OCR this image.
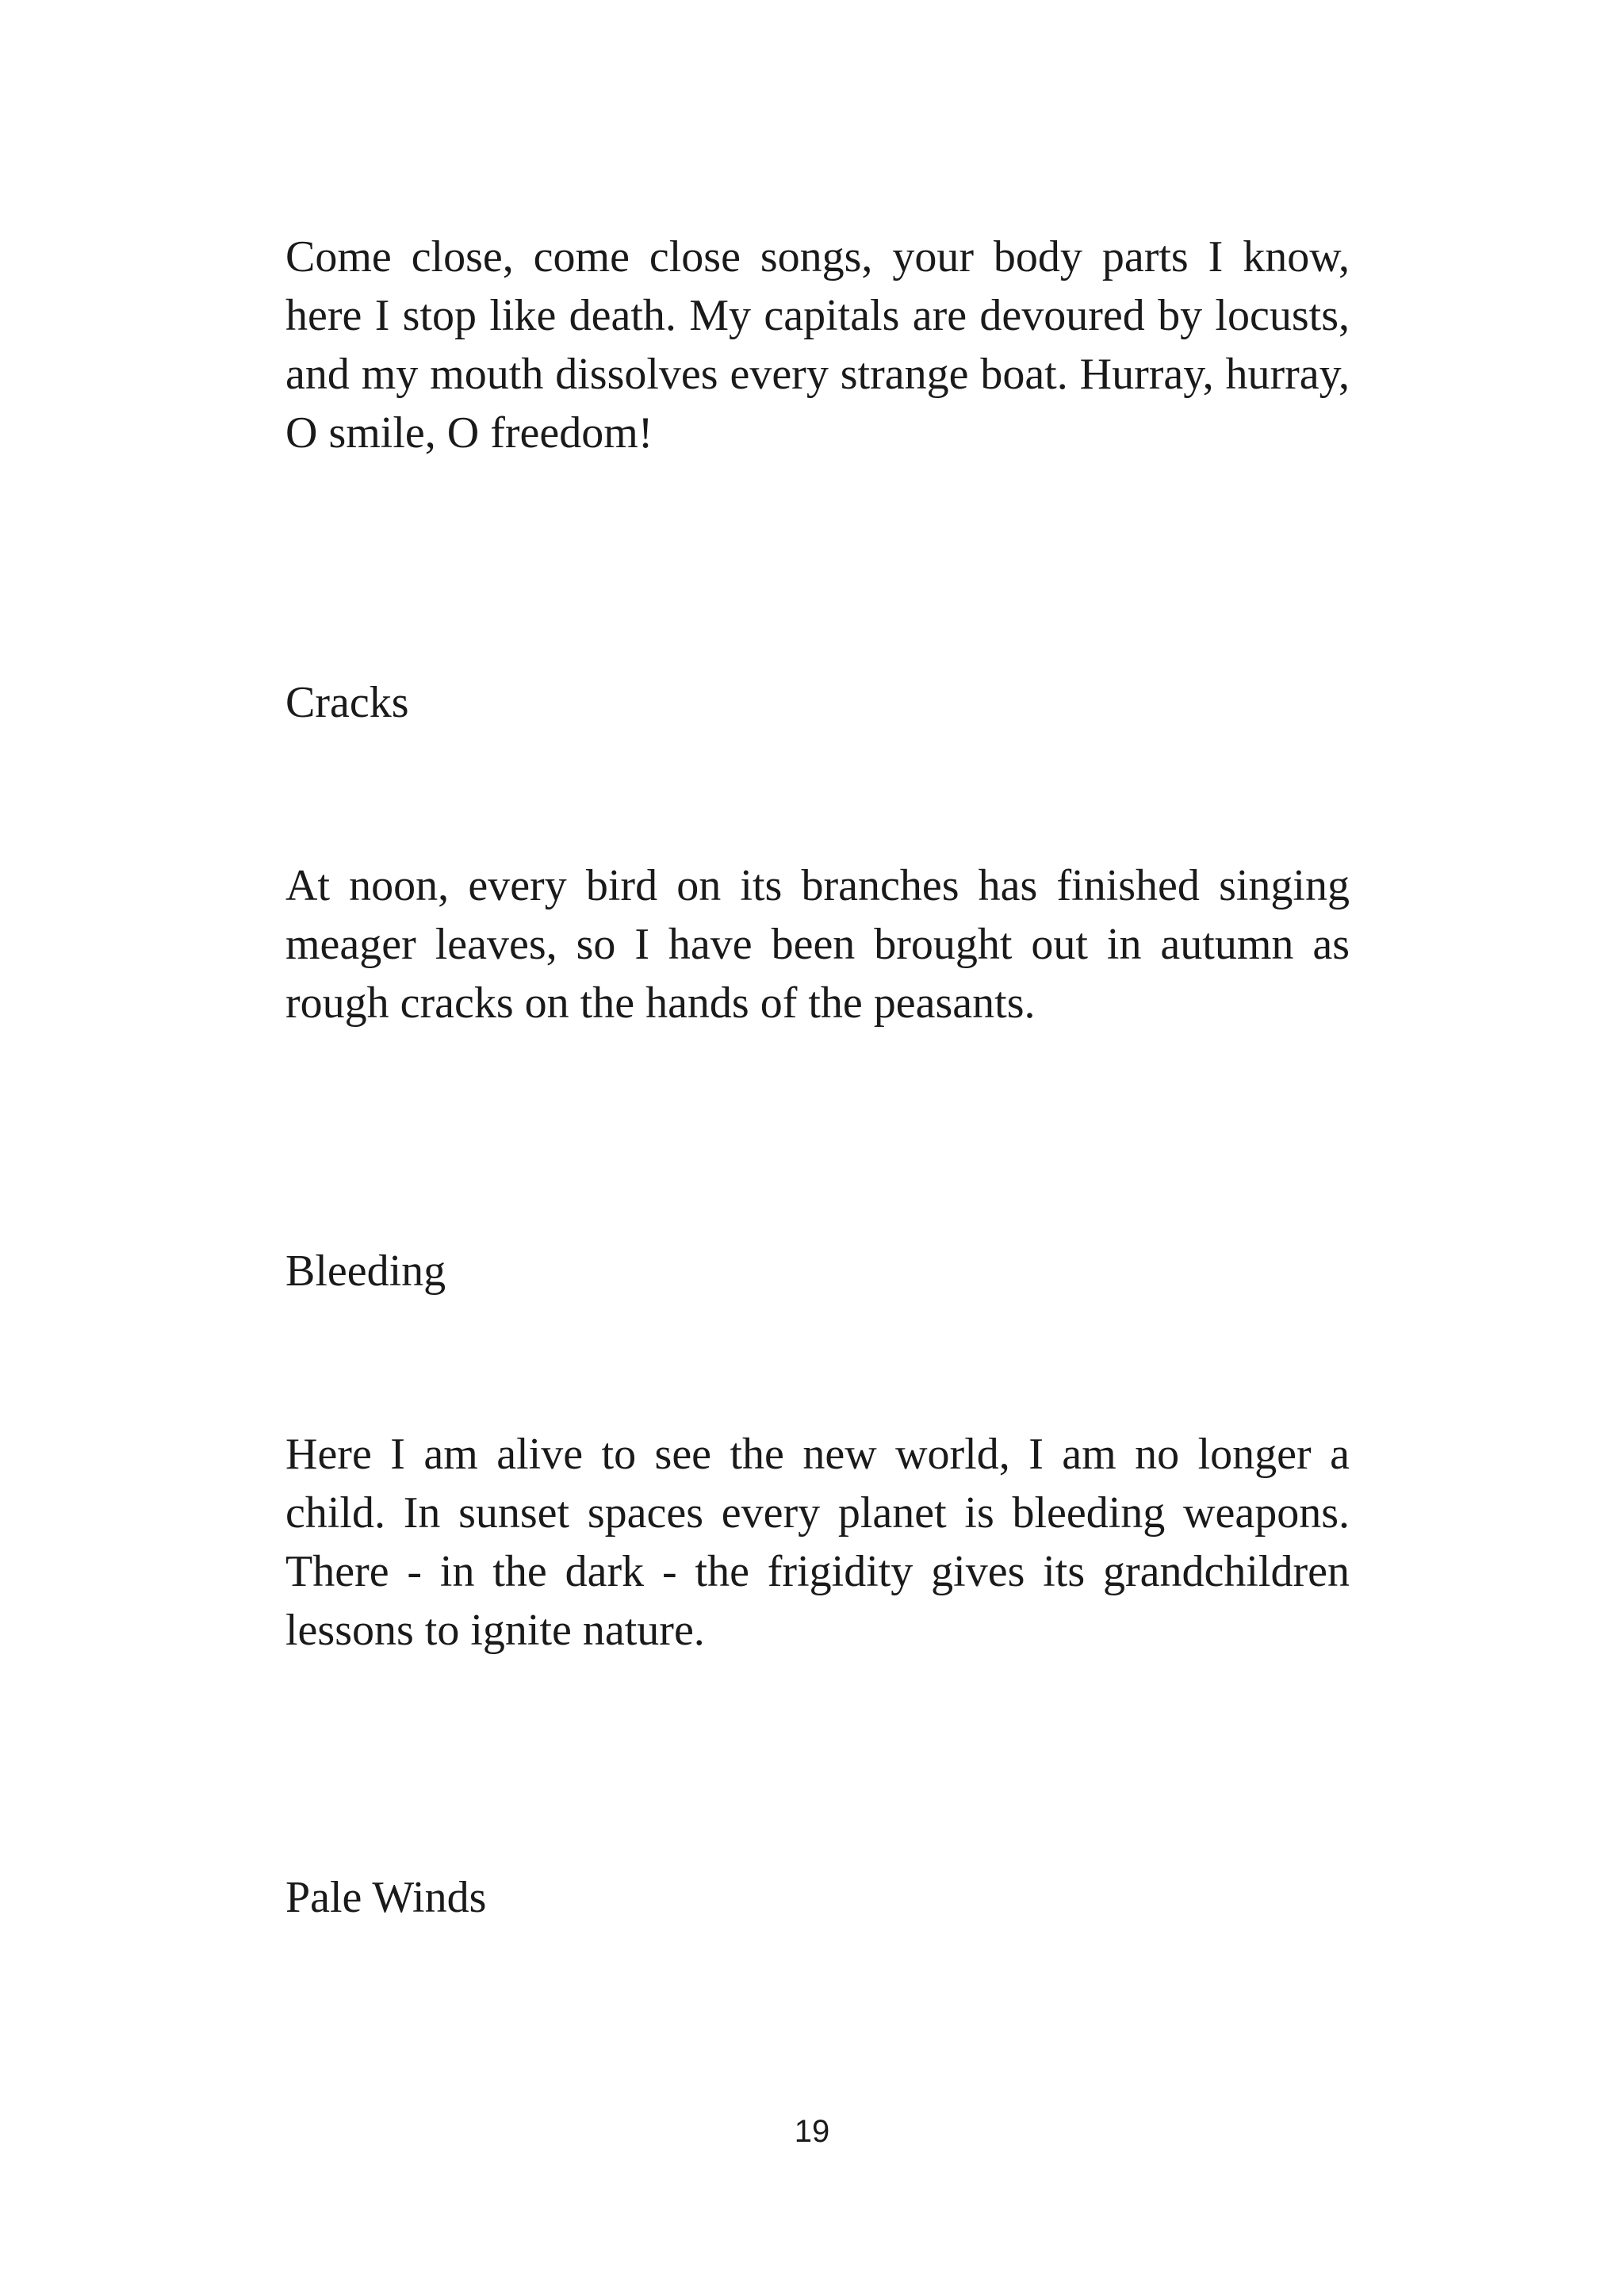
Come close, come close songs, your body parts I know, here I stop like death. My capitals are devoured by locusts, and my mouth dissolves every strange boat. Hurray, hurray, O smile, O freedom!

Cracks

At noon, every bird on its branches has finished singing meager leaves, so I have been brought out in autumn as rough cracks on the hands of the peasants.

Bleeding

Here I am alive to see the new world, I am no longer a child. In sunset spaces every planet is bleeding weapons. There - in the dark - the frigidity gives its grandchildren lessons to ignite nature.

Pale Winds
19
